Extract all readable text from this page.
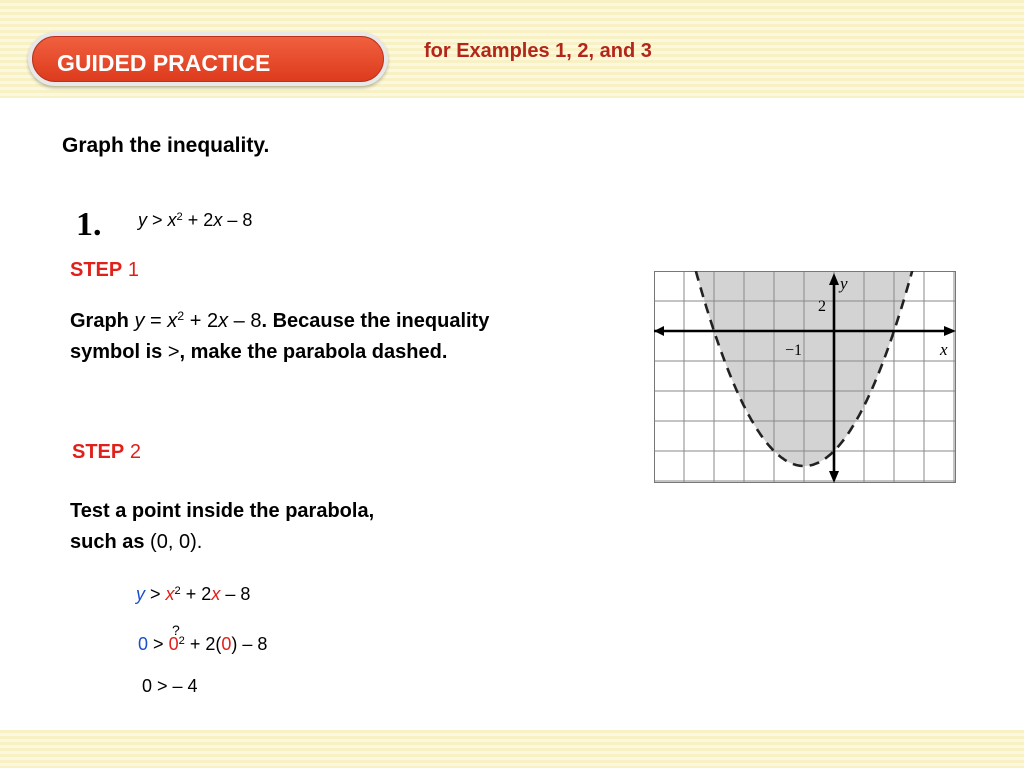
GUIDED PRACTICE	for Examples 1, 2, and 3
Graph the inequality.
1. $y > x^2 + 2x - 8$
STEP 1
Graph $y = x^2 + 2x - 8$. Because the inequality
symbol is >, make the parabola dashed.
STEP 2
Test a point inside the parabola,
such as (0, 0).
$y > x^2 + 2x - 8$
?
$0 > 0^2 + 2(0) - 8$
0 > – 4
y
x
2
−1
